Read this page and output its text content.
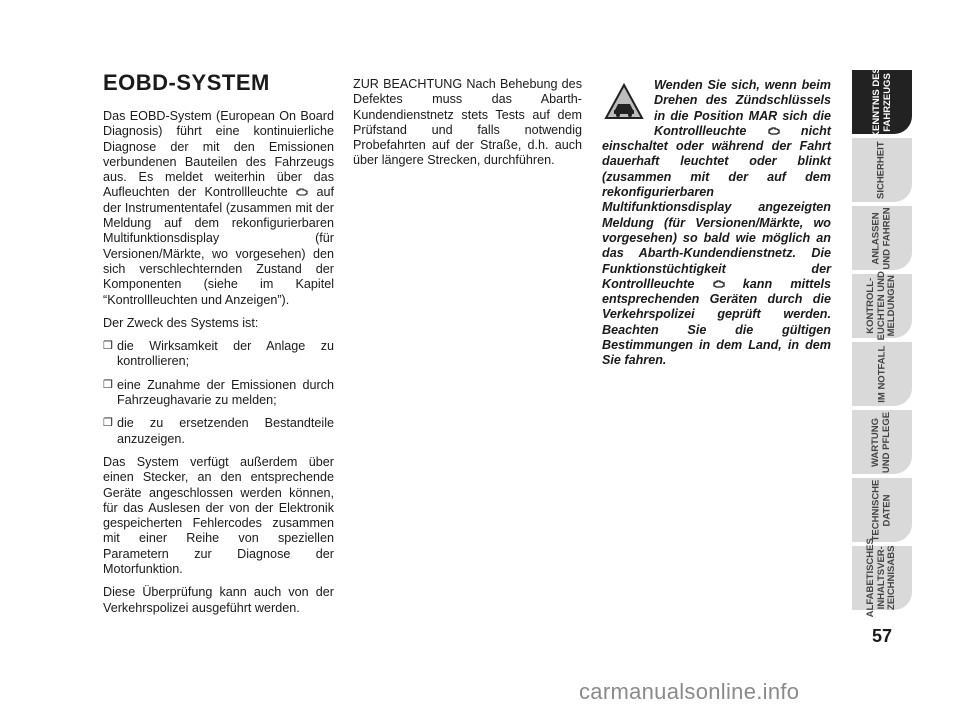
EOBD-SYSTEM

Das EOBD-System (European On Board Diagnosis) führt eine kontinuierliche Diagnose der mit den Emissionen verbundenen Bauteilen des Fahrzeugs aus. Es meldet weiterhin über das Aufleuchten der Kontrollleuchte auf der Instrumententafel (zusammen mit der Meldung auf dem rekonfigurierbaren Multifunktionsdisplay (für Versionen/Märkte, wo vorgesehen) den sich verschlechternden Zustand der Komponenten (siehe im Kapitel “Kontrollleuchten und Anzeigen”).

Der Zweck des Systems ist:

❒ die Wirksamkeit der Anlage zu kontrollieren;
❒ eine Zunahme der Emissionen durch Fahrzeughavarie zu melden;
❒ die zu ersetzenden Bestandteile anzuzeigen.

Das System verfügt außerdem über einen Stecker, an den entsprechende Geräte angeschlossen werden können, für das Auslesen der von der Elektronik gespeicherten Fehlercodes zusammen mit einer Reihe von speziellen Parametern zur Diagnose der Motorfunktion.

Diese Überprüfung kann auch von der Verkehrspolizei ausgeführt werden.

ZUR BEACHTUNG Nach Behebung des Defektes muss das Abarth-Kundendienstnetz stets Tests auf dem Prüfstand und falls notwendig Probefahrten auf der Straße, d.h. auch über längere Strecken, durchführen.

Wenden Sie sich, wenn beim Drehen des Zündschlüssels in die Position MAR sich die Kontrollleuchte	nicht einschaltet oder während der Fahrt dauerhaft leuchtet oder blinkt (zusammen mit der auf dem rekonfigurierbaren Multifunktionsdisplay angezeigten Meldung (für Versionen/Märkte, wo vorgesehen) so bald wie möglich an das Abarth-Kundendienstnetz. Die Funktionstüchtigkeit der Kontrollleuchte	kann mittels entsprechenden Geräten durch die Verkehrspolizei geprüft werden. Beachten Sie die gültigen Bestimmungen in dem Land, in dem Sie fahren.
KENNTNIS DES
FAHRZEUGS
SICHERHEIT
ANLASSEN
UND FAHREN
KONTROLL-
EUCHTEN UND
MELDUNGEN
IM NOTFALL
WARTUNG
UND PFLEGE
TECHNISCHE
DATEN
ALFABETISCHES
INHALTSVER-
ZEICHNISABS
57
carmanualsonline.info
